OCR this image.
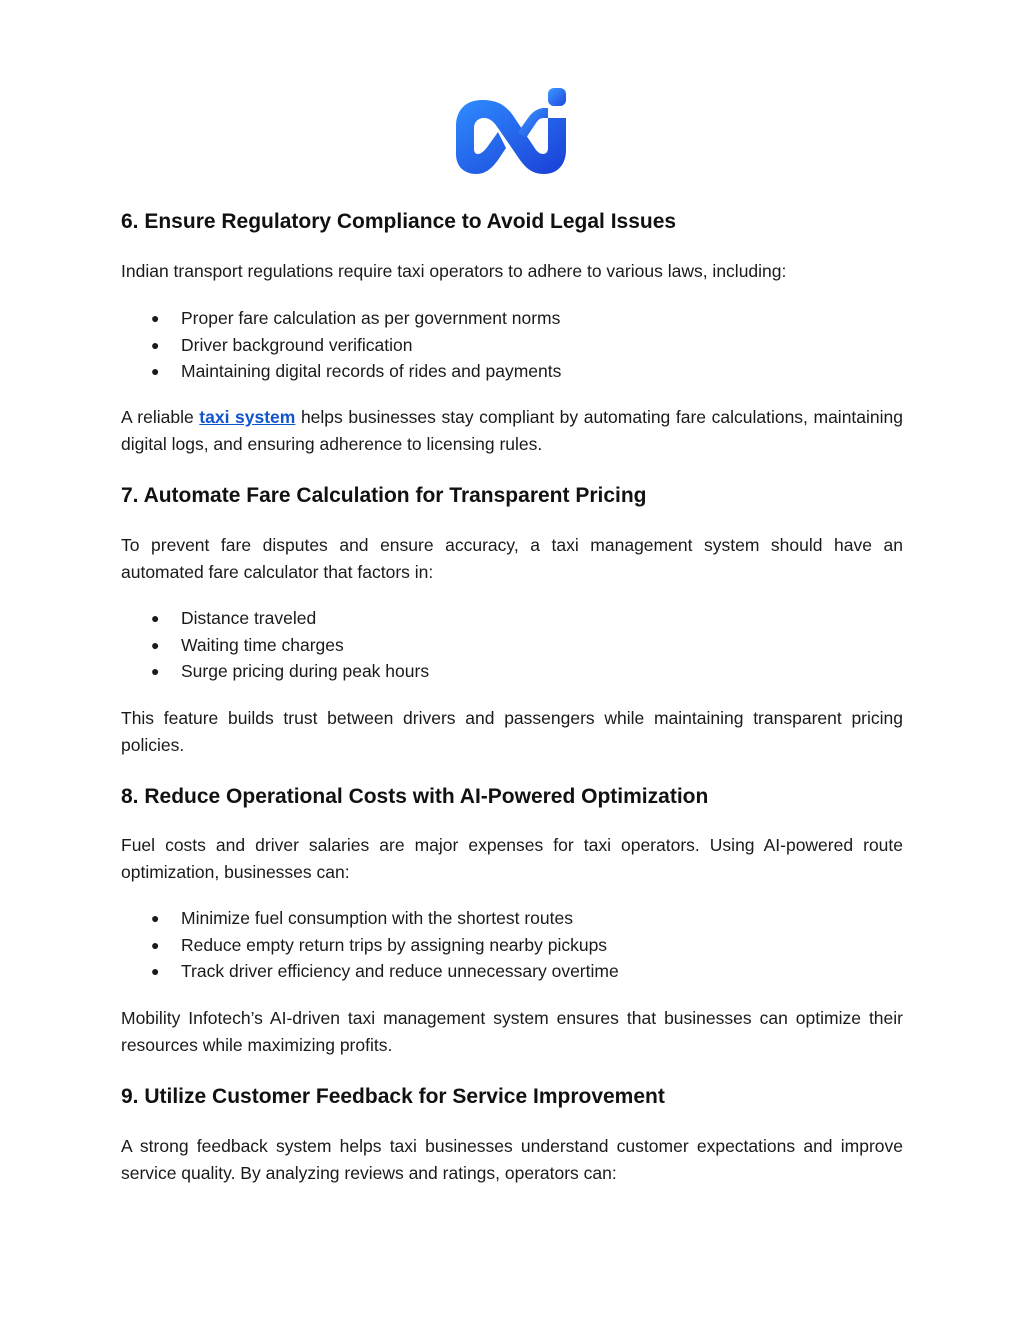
6. Ensure Regulatory Compliance to Avoid Legal Issues

Indian transport regulations require taxi operators to adhere to various laws, including:

● Proper fare calculation as per government norms
● Driver background verification
● Maintaining digital records of rides and payments

A reliable taxi system helps businesses stay compliant by automating fare calculations, maintaining digital logs, and ensuring adherence to licensing rules.

7. Automate Fare Calculation for Transparent Pricing

To prevent fare disputes and ensure accuracy, a taxi management system should have an automated fare calculator that factors in:

● Distance traveled
● Waiting time charges
● Surge pricing during peak hours

This feature builds trust between drivers and passengers while maintaining transparent pricing policies.

8. Reduce Operational Costs with AI-Powered Optimization

Fuel costs and driver salaries are major expenses for taxi operators. Using AI-powered route optimization, businesses can:

● Minimize fuel consumption with the shortest routes
● Reduce empty return trips by assigning nearby pickups
● Track driver efficiency and reduce unnecessary overtime

Mobility Infotech’s AI-driven taxi management system ensures that businesses can optimize their resources while maximizing profits.

9. Utilize Customer Feedback for Service Improvement

A strong feedback system helps taxi businesses understand customer expectations and improve service quality. By analyzing reviews and ratings, operators can:
